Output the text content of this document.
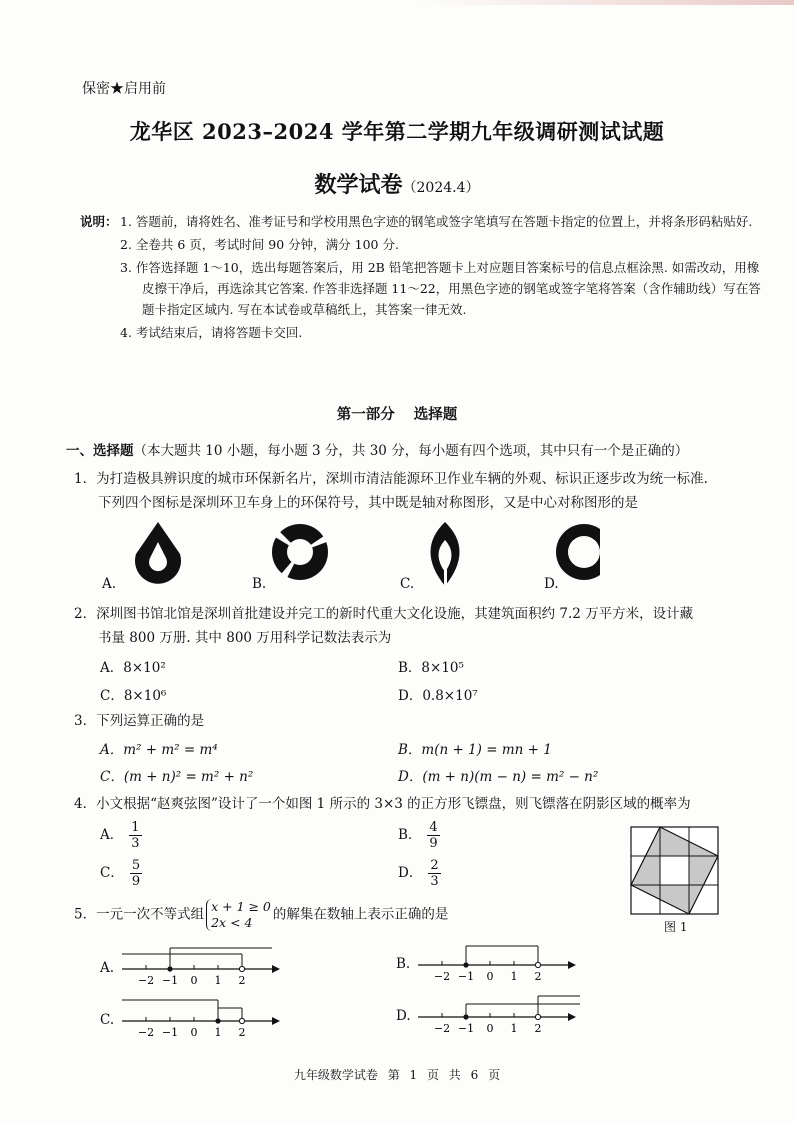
保密★启用前
龙华区 2023–2024 学年第二学期九年级调研测试试题
数学试卷（2024.4）
说明： 1. 答题前，请将姓名、准考证号和学校用黑色字迹的钢笔或签字笔填写在答题卡指定的位置上，并将条形码粘贴好.
2. 全卷共 6 页，考试时间 90 分钟，满分 100 分.
3. 作答选择题 1～10，选出每题答案后，用 2B 铅笔把答题卡上对应题目答案标号的信息点框涂黑. 如需改动，用橡皮擦干净后，再选涂其它答案. 作答非选择题 11～22，用黑色字迹的钢笔或签字笔将答案（含作辅助线）写在答题卡指定区域内. 写在本试卷或草稿纸上，其答案一律无效.
4. 考试结束后，请将答题卡交回.
第一部分 选择题
一、选择题（本大题共 10 小题，每小题 3 分，共 30 分，每小题有四个选项，其中只有一个是正确的）
1．为打造极具辨识度的城市环保新名片，深圳市清洁能源环卫作业车辆的外观、标识正逐步改为统一标准.
下列四个图标是深圳环卫车身上的环保符号，其中既是轴对称图形，又是中心对称图形的是
A.	B.	C.	D.
2．深圳图书馆北馆是深圳首批建设并完工的新时代重大文化设施，其建筑面积约 7.2 万平方米，设计藏
书量 800 万册. 其中 800 万用科学记数法表示为
A．8×10²	B．8×10⁵
C．8×10⁶	D．0.8×10⁷
3．下列运算正确的是
A．m² + m² = m⁴	B．m(n + 1) = mn + 1
C．(m + n)² = m² + n²	D．(m + n)(m − n) = m² − n²
4．小文根据“赵爽弦图”设计了一个如图 1 所示的 3×3 的正方形飞镖盘，则飞镖落在阴影区域的概率为
A． $\frac{1}{3}$	B． $\frac{4}{9}$
C． $\frac{5}{9}$	D． $\frac{2}{3}$
图 1
5．一元一次不等式组 x + 1 ≥ 0
2x < 4 的解集在数轴上表示正确的是
A.	B.
C.	D.
−2 −1 0 1 2	−2 −1 0 1 2
−2 −1 0 1 2	−2 −1 0 1 2
九年级数学试卷 第 1 页 共 6 页
